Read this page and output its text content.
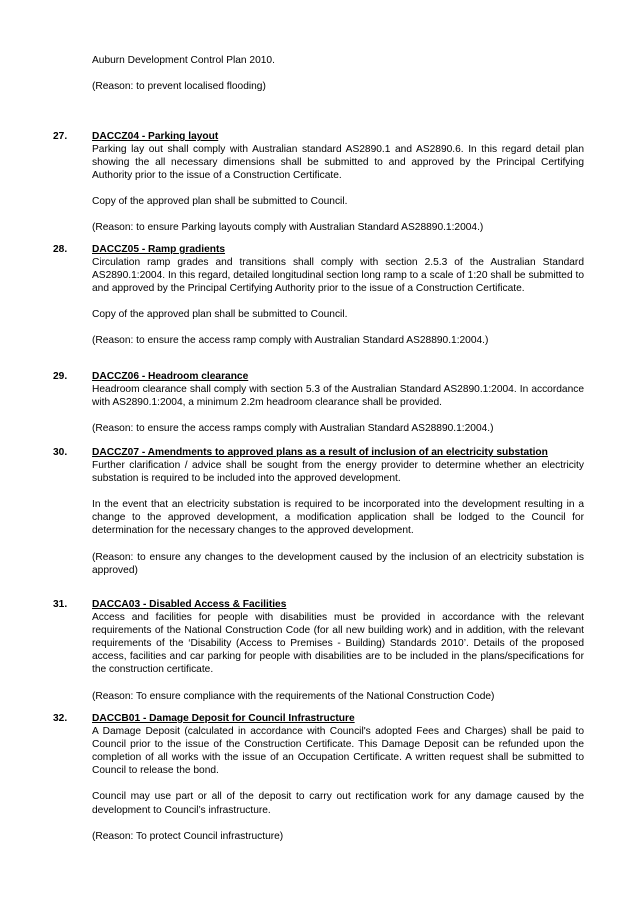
Auburn Development Control Plan 2010.

(Reason: to prevent localised flooding)

27. DACCZ04 - Parking layout

Parking lay out shall comply with Australian standard AS2890.1 and AS2890.6. In this regard detail plan showing the all necessary dimensions shall be submitted to and approved by the Principal Certifying Authority prior to the issue of a Construction Certificate.

Copy of the approved plan shall be submitted to Council.

(Reason: to ensure Parking layouts comply with Australian Standard AS28890.1:2004.)

28. DACCZ05 - Ramp gradients

Circulation ramp grades and transitions shall comply with section 2.5.3 of the Australian Standard AS2890.1:2004. In this regard, detailed longitudinal section long ramp to a scale of 1:20 shall be submitted to and approved by the Principal Certifying Authority prior to the issue of a Construction Certificate.

Copy of the approved plan shall be submitted to Council.

(Reason: to ensure the access ramp comply with Australian Standard AS28890.1:2004.)

29. DACCZ06 - Headroom clearance

Headroom clearance shall comply with section 5.3 of the Australian Standard AS2890.1:2004. In accordance with AS2890.1:2004, a minimum 2.2m headroom clearance shall be provided.

(Reason: to ensure the access ramps comply with Australian Standard AS28890.1:2004.)

30. DACCZ07 - Amendments to approved plans as a result of inclusion of an electricity substation

Further clarification / advice shall be sought from the energy provider to determine whether an electricity substation is required to be included into the approved development.

In the event that an electricity substation is required to be incorporated into the development resulting in a change to the approved development, a modification application shall be lodged to the Council for determination for the necessary changes to the approved development.

(Reason: to ensure any changes to the development caused by the inclusion of an electricity substation is approved)

31. DACCA03 - Disabled Access & Facilities

Access and facilities for people with disabilities must be provided in accordance with the relevant requirements of the National Construction Code (for all new building work) and in addition, with the relevant requirements of the ‘Disability (Access to Premises - Building) Standards 2010’. Details of the proposed access, facilities and car parking for people with disabilities are to be included in the plans/specifications for the construction certificate.

(Reason: To ensure compliance with the requirements of the National Construction Code)

32. DACCB01 - Damage Deposit for Council Infrastructure

A Damage Deposit (calculated in accordance with Council's adopted Fees and Charges) shall be paid to Council prior to the issue of the Construction Certificate. This Damage Deposit can be refunded upon the completion of all works with the issue of an Occupation Certificate. A written request shall be submitted to Council to release the bond.

Council may use part or all of the deposit to carry out rectification work for any damage caused by the development to Council’s infrastructure.

(Reason: To protect Council infrastructure)
